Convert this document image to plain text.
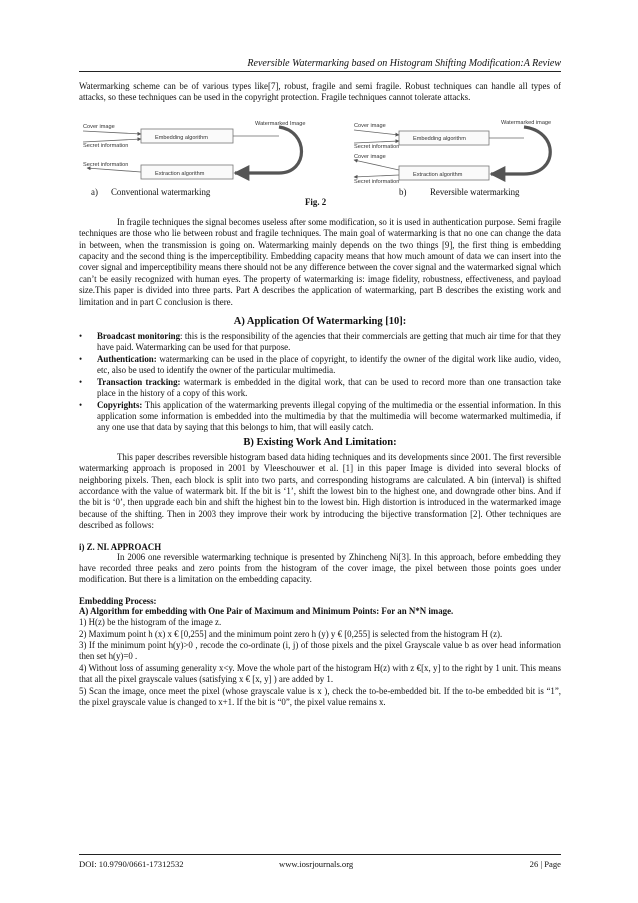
Reversible Watermarking based on Histogram Shifting Modification:A Review

Watermarking scheme can be of various types like[7], robust, fragile and semi fragile. Robust techniques can handle all types of attacks, so these techniques can be used in the copyright protection. Fragile techniques cannot tolerate attacks.

Cover image
Secret information
Embedding algorithm
Watermarked Image
Secret information
Extraction algorithm
Cover image
Secret information
Embedding algorithm
Watermarked image
Cover image
Secret information
Extraction algorithm
a) Conventional watermarking	b)	Reversible watermarking
Fig. 2

In fragile techniques the signal becomes useless after some modification, so it is used in authentication purpose. Semi fragile techniques are those who lie between robust and fragile techniques. The main goal of watermarking is that no one can change the data in between, when the transmission is going on. Watermarking mainly depends on the two things [9], the first thing is embedding capacity and the second thing is the imperceptibility. Embedding capacity means that how much amount of data we can insert into the cover signal and imperceptibility means there should not be any difference between the cover signal and the watermarked signal which can’t be easily recognized with human eyes. The property of watermarking is: image fidelity, robustness, effectiveness, and payload size.This paper is divided into three parts. Part A describes the application of watermarking, part B describes the existing work and limitation and in part C conclusion is there.

A) Application Of Watermarking [10]:
• Broadcast monitoring: this is the responsibility of the agencies that their commercials are getting that much air time for that they have paid. Watermarking can be used for that purpose.
• Authentication: watermarking can be used in the place of copyright, to identify the owner of the digital work like audio, video, etc, also be used to identify the owner of the particular multimedia.
• Transaction tracking: watermark is embedded in the digital work, that can be used to record more than one transaction take place in the history of a copy of this work.
• Copyrights: This application of the watermarking prevents illegal copying of the multimedia or the essential information. In this application some information is embedded into the multimedia by that the multimedia will become watermarked multimedia, if any one use that data by saying that this belongs to him, that will easily catch.
B) Existing Work And Limitation:

This paper describes reversible histogram based data hiding techniques and its developments since 2001. The first reversible watermarking approach is proposed in 2001 by Vleeschouwer et al. [1] in this paper Image is divided into several blocks of neighboring pixels. Then, each block is split into two parts, and corresponding histograms are calculated. A bin (interval) is shifted accordance with the value of watermark bit. If the bit is ‘1’, shift the lowest bin to the highest one, and downgrade other bins. And if the bit is ‘0’, then upgrade each bin and shift the highest bin to the lowest bin. High distortion is introduced in the watermarked image because of the shifting. Then in 2003 they improve their work by introducing the bijective transformation [2]. Other techniques are described as follows:

i) Z. NI. APPROACH

In 2006 one reversible watermarking technique is presented by Zhincheng Ni[3]. In this approach, before embedding they have recorded three peaks and zero points from the histogram of the cover image, the pixel between those points goes under modification. But there is a limitation on the embedding capacity.

Embedding Process:

A) Algorithm for embedding with One Pair of Maximum and Minimum Points: For an N*N image.

1) H(z) be the histogram of the image z.

2) Maximum point h (x) x € [0,255] and the minimum point zero h (y) y € [0,255] is selected from the histogram H (z).

3) If the minimum point h(y)>0 , recode the co-ordinate (i, j) of those pixels and the pixel Grayscale value b as over head information then set h(y)=0 .

4) Without loss of assuming generality x<y. Move the whole part of the histogram H(z) with z €[x, y] to the right by 1 unit. This means that all the pixel grayscale values (satisfying x € [x, y] ) are added by 1.

5) Scan the image, once meet the pixel (whose grayscale value is x ), check the to-be-embedded bit. If the to-be embedded bit is “1”, the pixel grayscale value is changed to x+1. If the bit is “0”, the pixel value remains x.

DOI: 10.9790/0661-17312532	www.iosrjournals.org	26 | Page
